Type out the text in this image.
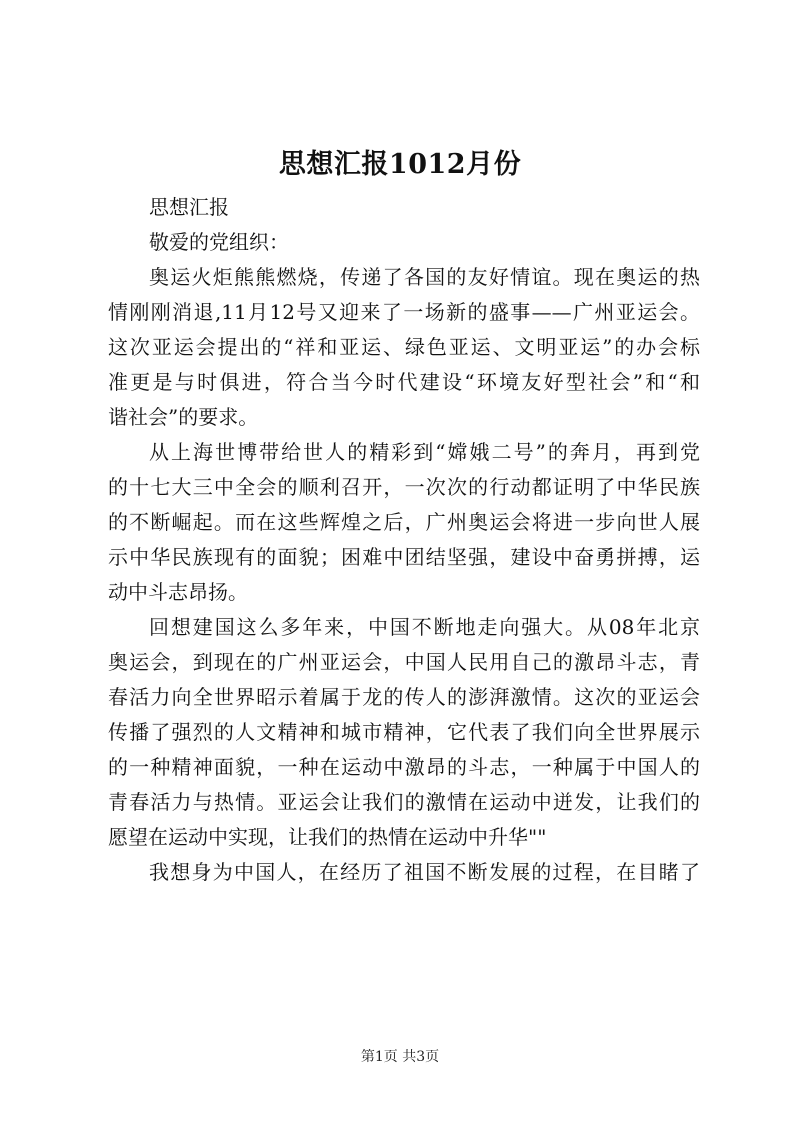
思想汇报1012月份
思想汇报
敬爱的党组织：
奥运火炬熊熊燃烧，传递了各国的友好情谊。现在奥运的热
情刚刚消退,11月12号又迎来了一场新的盛事——广州亚运会。
这次亚运会提出的“祥和亚运、绿色亚运、文明亚运”的办会标
准更是与时俱进，符合当今时代建设“环境友好型社会”和“和
谐社会”的要求。
从上海世博带给世人的精彩到“嫦娥二号”的奔月，再到党
的十七大三中全会的顺利召开，一次次的行动都证明了中华民族
的不断崛起。而在这些辉煌之后，广州奥运会将进一步向世人展
示中华民族现有的面貌；困难中团结坚强，建设中奋勇拼搏，运
动中斗志昂扬。
回想建国这么多年来，中国不断地走向强大。从08年北京
奥运会，到现在的广州亚运会，中国人民用自己的激昂斗志，青
春活力向全世界昭示着属于龙的传人的澎湃激情。这次的亚运会
传播了强烈的人文精神和城市精神，它代表了我们向全世界展示
的一种精神面貌，一种在运动中激昂的斗志，一种属于中国人的
青春活力与热情。亚运会让我们的激情在运动中迸发，让我们的
愿望在运动中实现，让我们的热情在运动中升华""
我想身为中国人，在经历了祖国不断发展的过程，在目睹了
第1页 共3页
